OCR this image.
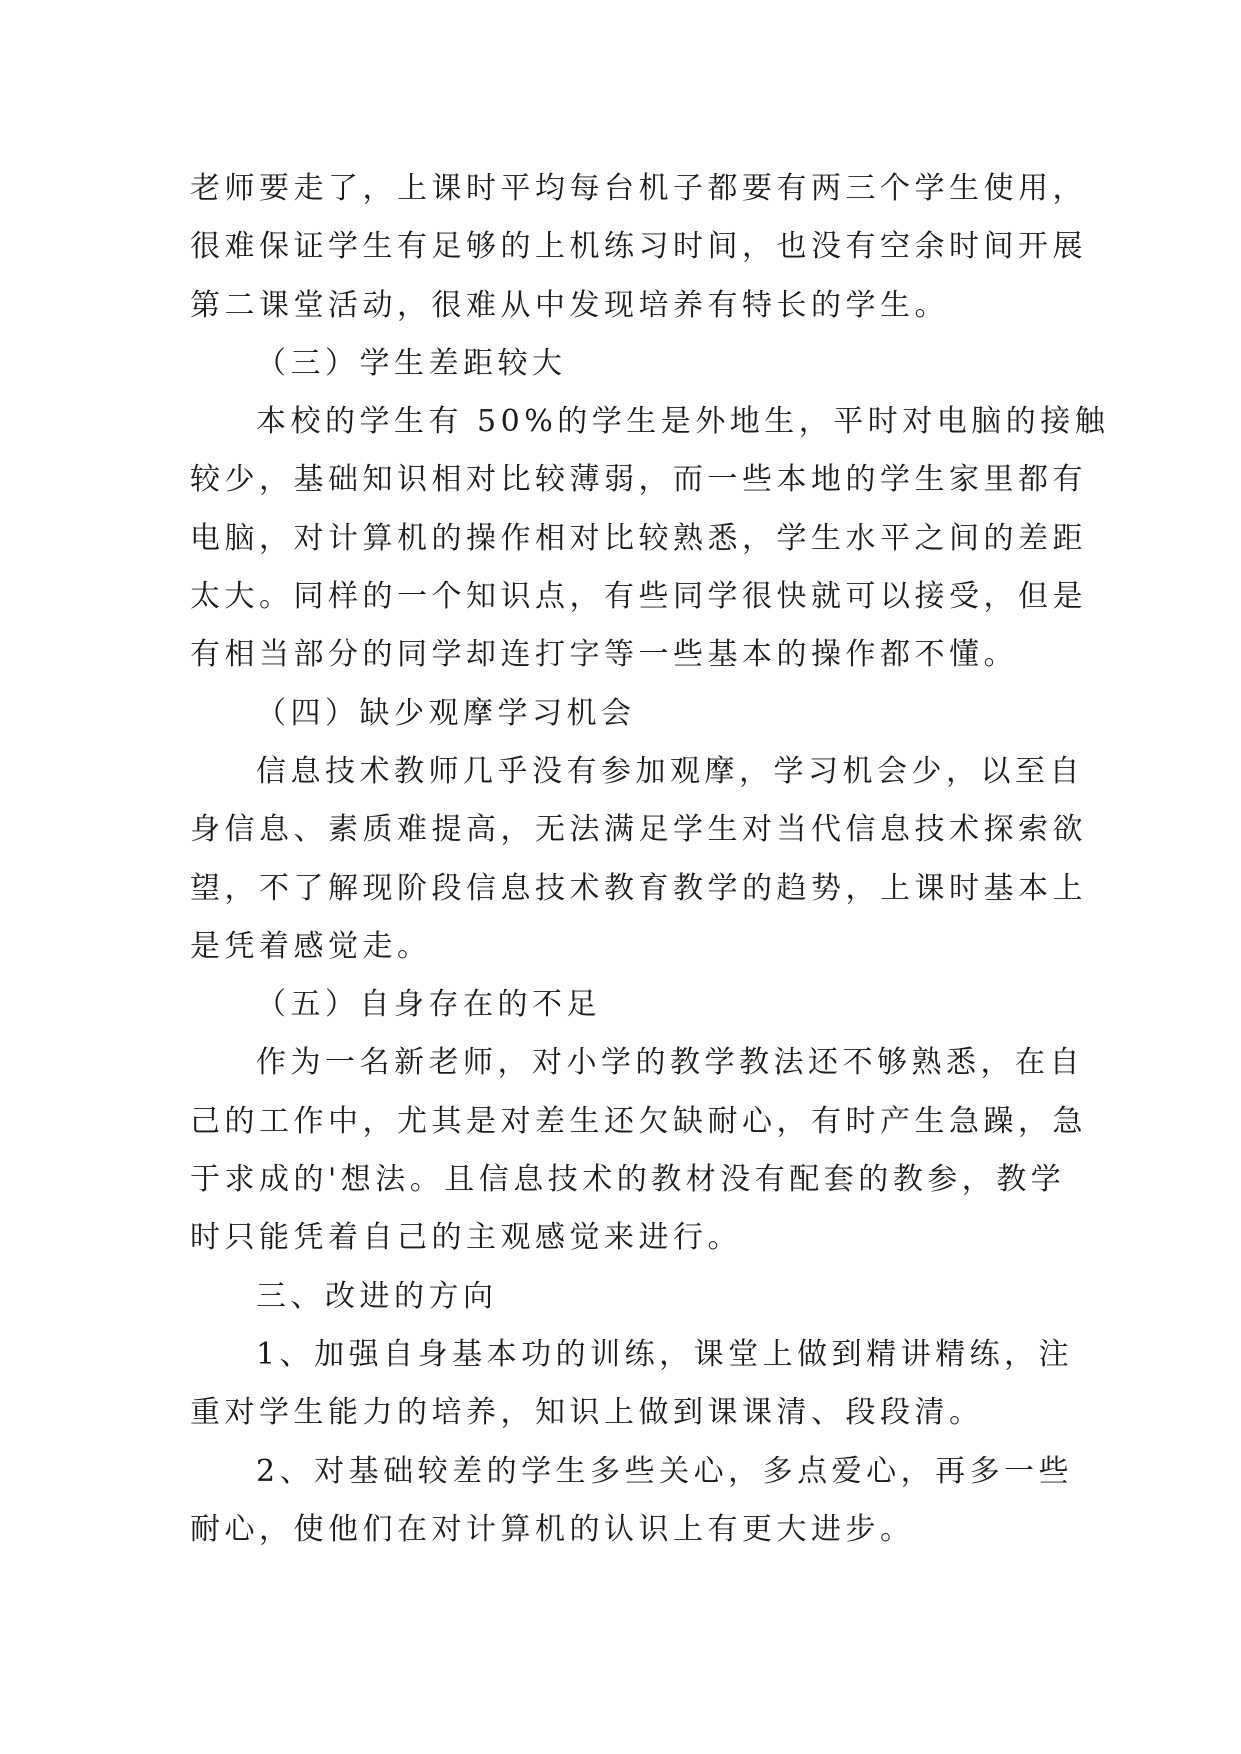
老师要走了，上课时平均每台机子都要有两三个学生使用，
很难保证学生有足够的上机练习时间，也没有空余时间开展
第二课堂活动，很难从中发现培养有特长的学生。
（三）学生差距较大
本校的学生有 50%的学生是外地生，平时对电脑的接触
较少，基础知识相对比较薄弱，而一些本地的学生家里都有
电脑，对计算机的操作相对比较熟悉，学生水平之间的差距
太大。同样的一个知识点，有些同学很快就可以接受，但是
有相当部分的同学却连打字等一些基本的操作都不懂。
（四）缺少观摩学习机会
信息技术教师几乎没有参加观摩，学习机会少，以至自
身信息、素质难提高，无法满足学生对当代信息技术探索欲
望，不了解现阶段信息技术教育教学的趋势，上课时基本上
是凭着感觉走。
（五）自身存在的不足
作为一名新老师，对小学的教学教法还不够熟悉，在自
己的工作中，尤其是对差生还欠缺耐心，有时产生急躁，急
于求成的'想法。且信息技术的教材没有配套的教参，教学
时只能凭着自己的主观感觉来进行。
三、改进的方向
1、加强自身基本功的训练，课堂上做到精讲精练，注
重对学生能力的培养，知识上做到课课清、段段清。
2、对基础较差的学生多些关心，多点爱心，再多一些
耐心，使他们在对计算机的认识上有更大进步。
